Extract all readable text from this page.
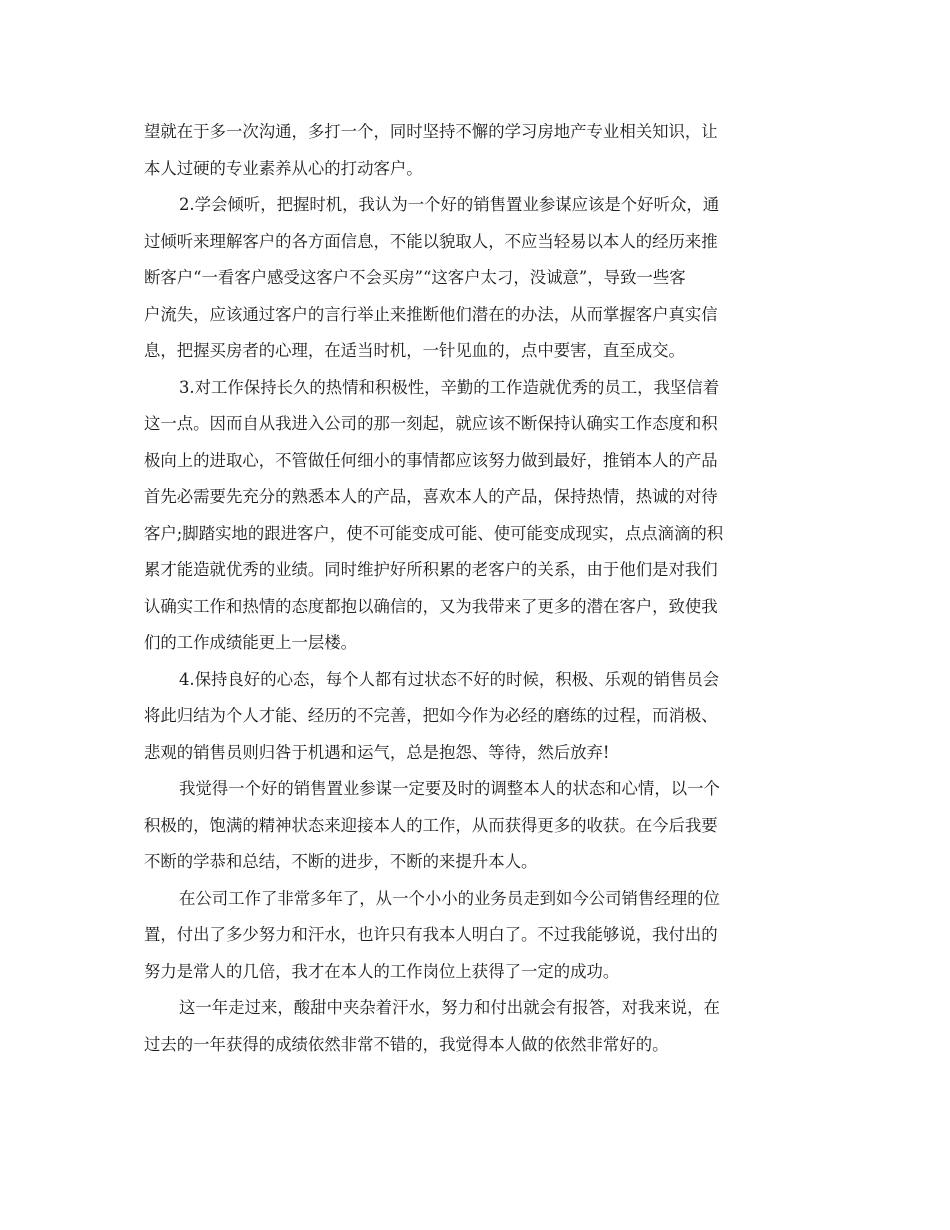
望就在于多一次沟通，多打一个，同时坚持不懈的学习房地产专业相关知识，让
本人过硬的专业素养从心的打动客户。
2.学会倾听，把握时机，我认为一个好的销售置业参谋应该是个好听众，通
过倾听来理解客户的各方面信息，不能以貌取人，不应当轻易以本人的经历来推
断客户“一看客户感受这客户不会买房”“这客户太刁，没诚意”，导致一些客
户流失，应该通过客户的言行举止来推断他们潜在的办法，从而掌握客户真实信
息，把握买房者的心理，在适当时机，一针见血的，点中要害，直至成交。
3.对工作保持长久的热情和积极性，辛勤的工作造就优秀的员工，我坚信着
这一点。因而自从我进入公司的那一刻起，就应该不断保持认确实工作态度和积
极向上的进取心，不管做任何细小的事情都应该努力做到最好，推销本人的产品
首先必需要先充分的熟悉本人的产品，喜欢本人的产品，保持热情，热诚的对待
客户;脚踏实地的跟进客户，使不可能变成可能、使可能变成现实，点点滴滴的积
累才能造就优秀的业绩。同时维护好所积累的老客户的关系，由于他们是对我们
认确实工作和热情的态度都抱以确信的，又为我带来了更多的潜在客户，致使我
们的工作成绩能更上一层楼。
4.保持良好的心态，每个人都有过状态不好的时候，积极、乐观的销售员会
将此归结为个人才能、经历的不完善，把如今作为必经的磨练的过程，而消极、
悲观的销售员则归咎于机遇和运气，总是抱怨、等待，然后放弃!
我觉得一个好的销售置业参谋一定要及时的调整本人的状态和心情，以一个
积极的，饱满的精神状态来迎接本人的工作，从而获得更多的收获。在今后我要
不断的学恭和总结，不断的进步，不断的来提升本人。
在公司工作了非常多年了，从一个小小的业务员走到如今公司销售经理的位
置，付出了多少努力和汗水，也许只有我本人明白了。不过我能够说，我付出的
努力是常人的几倍，我才在本人的工作岗位上获得了一定的成功。
这一年走过来，酸甜中夹杂着汗水，努力和付出就会有报答，对我来说，在
过去的一年获得的成绩依然非常不错的，我觉得本人做的依然非常好的。
